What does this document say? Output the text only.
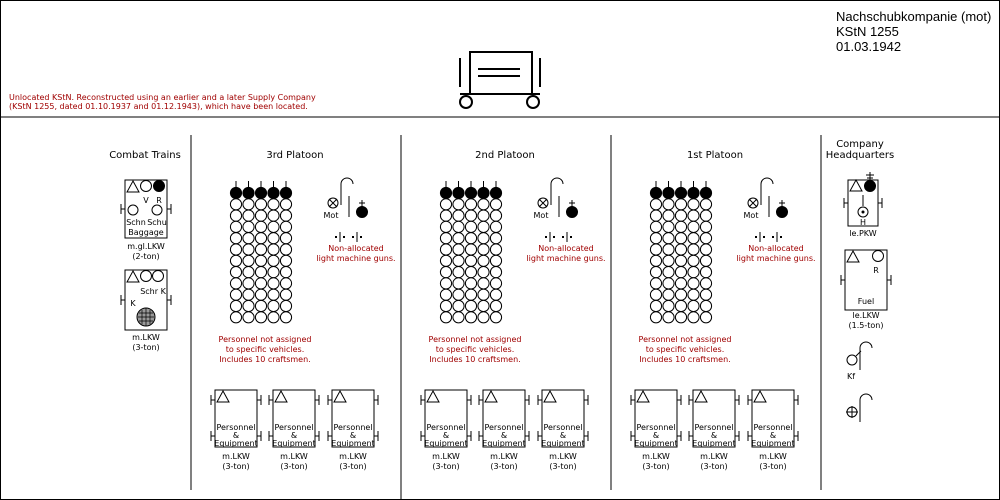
Nachschubkompanie (mot)
KStN 1255
01.03.1942
Unlocated KStN. Reconstructed using an earlier and a later Supply Company
(KStN 1255, dated 01.10.1937 and 01.12.1943), which have been located.
Combat Trains
V R
Schn Schu
Baggage
m.gl.LKW
(2-ton)
Schr K
K
m.LKW
(3-ton)
Company
Headquarters
H
le.PKW
R
Fuel
le.LKW
(1.5-ton)
Kf
3rd Platoon
Personnel not assigned
to specific vehicles.
Includes 10 craftsmen.
Mot
Non-allocated
light machine guns.
Personnel
&
Equipment
m.LKW
(3-ton)
Personnel
&
Equipment
m.LKW
(3-ton)
Personnel
&
Equipment
m.LKW
(3-ton)
2nd Platoon
Personnel not assigned
to specific vehicles.
Includes 10 craftsmen.
Mot
Non-allocated
light machine guns.
Personnel
&
Equipment
m.LKW
(3-ton)
Personnel
&
Equipment
m.LKW
(3-ton)
Personnel
&
Equipment
m.LKW
(3-ton)
1st Platoon
Personnel not assigned
to specific vehicles.
Includes 10 craftsmen.
Mot
Non-allocated
light machine guns.
Personnel
&
Equipment
m.LKW
(3-ton)
Personnel
&
Equipment
m.LKW
(3-ton)
Personnel
&
Equipment
m.LKW
(3-ton)
